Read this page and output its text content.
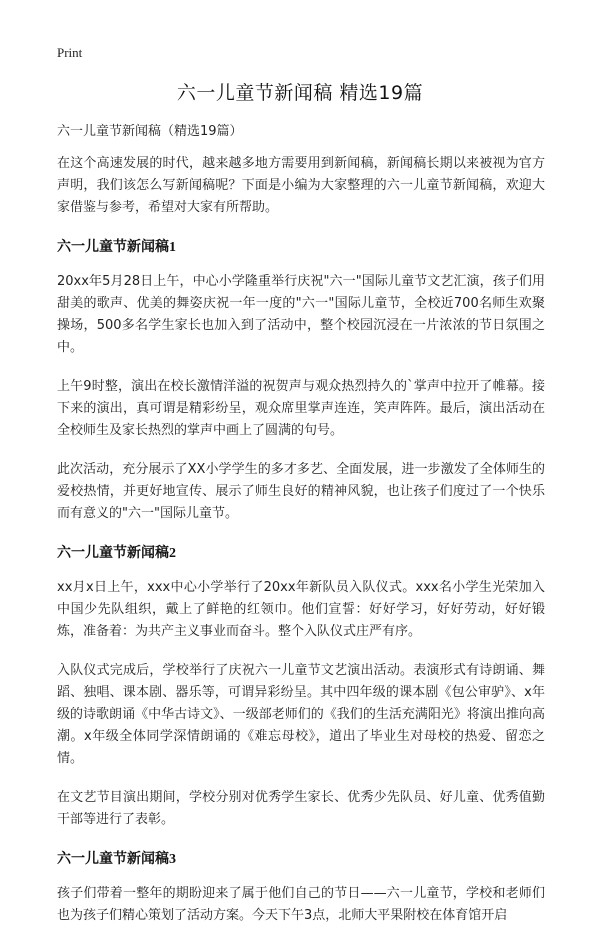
Print
六一儿童节新闻稿 精选19篇

六一儿童节新闻稿（精选19篇）

在这个高速发展的时代，越来越多地方需要用到新闻稿，新闻稿长期以来被视为官方声明，我们该怎么写新闻稿呢？下面是小编为大家整理的六一儿童节新闻稿，欢迎大家借鉴与参考，希望对大家有所帮助。

六一儿童节新闻稿1

20xx年5月28日上午，中心小学隆重举行庆祝"六一"国际儿童节文艺汇演，孩子们用甜美的歌声、优美的舞姿庆祝一年一度的"六一"国际儿童节，全校近700名师生欢聚操场，500多名学生家长也加入到了活动中，整个校园沉浸在一片浓浓的节日氛围之中。

上午9时整，演出在校长激情洋溢的祝贺声与观众热烈持久的`掌声中拉开了帷幕。接下来的演出，真可谓是精彩纷呈，观众席里掌声连连，笑声阵阵。最后，演出活动在全校师生及家长热烈的掌声中画上了圆满的句号。

此次活动，充分展示了XX小学学生的多才多艺、全面发展，进一步激发了全体师生的爱校热情，并更好地宣传、展示了师生良好的精神风貌，也让孩子们度过了一个快乐而有意义的"六一"国际儿童节。

六一儿童节新闻稿2

xx月x日上午，xxx中心小学举行了20xx年新队员入队仪式。xxx名小学生光荣加入中国少先队组织，戴上了鲜艳的红领巾。他们宣誓：好好学习，好好劳动，好好锻炼，准备着：为共产主义事业而奋斗。整个入队仪式庄严有序。

入队仪式完成后，学校举行了庆祝六一儿童节文艺演出活动。表演形式有诗朗诵、舞蹈、独唱、课本剧、器乐等，可谓异彩纷呈。其中四年级的课本剧《包公审驴》、x年级的诗歌朗诵《中华古诗文》、一级部老师们的《我们的生活充满阳光》将演出推向高潮。x年级全体同学深情朗诵的《难忘母校》，道出了毕业生对母校的热爱、留恋之情。

在文艺节目演出期间，学校分别对优秀学生家长、优秀少先队员、好儿童、优秀值勤干部等进行了表彰。

六一儿童节新闻稿3

孩子们带着一整年的期盼迎来了属于他们自己的节日——六一儿童节，学校和老师们也为孩子们精心策划了活动方案。今天下午3点，北师大平果附校在体育馆开启
